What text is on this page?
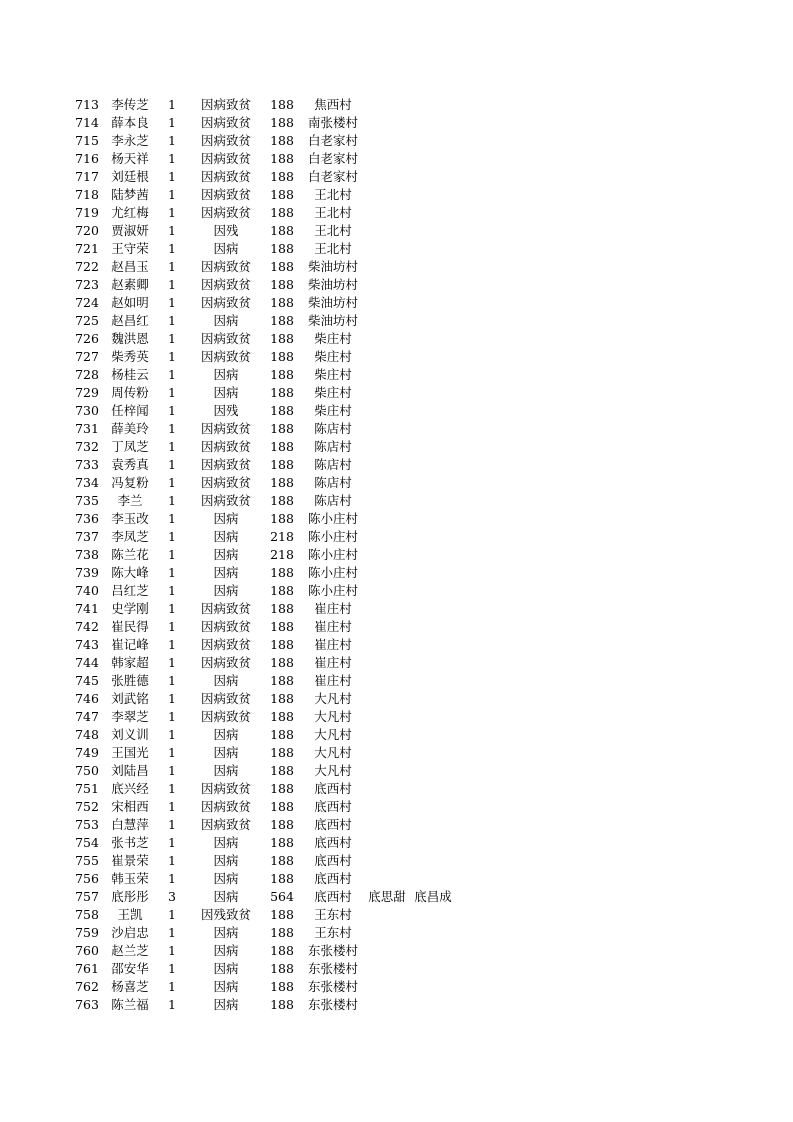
713 李传芝	1	因病致贫	188	焦西村
714 薛本良	1	因病致贫	188	南张楼村
715 李永芝	1	因病致贫	188	白老家村
716 杨天祥	1	因病致贫	188	白老家村
717 刘廷根	1	因病致贫	188	白老家村
718 陆梦茜	1	因病致贫	188	王北村
719 尤红梅	1	因病致贫	188	王北村
720 贾淑妍	1	因残	188	王北村
721 王守荣	1	因病	188	王北村
722 赵昌玉	1	因病致贫	188	柴油坊村
723 赵素卿	1	因病致贫	188	柴油坊村
724 赵如明	1	因病致贫	188	柴油坊村
725 赵昌红	1	因病	188	柴油坊村
726 魏洪恩	1	因病致贫	188	柴庄村
727 柴秀英	1	因病致贫	188	柴庄村
728 杨桂云	1	因病	188	柴庄村
729 周传粉	1	因病	188	柴庄村
730 任梓闻	1	因残	188	柴庄村
731 薛美玲	1	因病致贫	188	陈店村
732 丁凤芝	1	因病致贫	188	陈店村
733 袁秀真	1	因病致贫	188	陈店村
734 冯复粉	1	因病致贫	188	陈店村
735	李兰	1	因病致贫	188	陈店村
736 李玉改	1	因病	188	陈小庄村
737 李凤芝	1	因病	218	陈小庄村
738 陈兰花	1	因病	218	陈小庄村
739 陈大峰	1	因病	188	陈小庄村
740 吕红芝	1	因病	188	陈小庄村
741 史学刚	1	因病致贫	188	崔庄村
742 崔民得	1	因病致贫	188	崔庄村
743 崔记峰	1	因病致贫	188	崔庄村
744 韩家超	1	因病致贫	188	崔庄村
745 张胜德	1	因病	188	崔庄村
746 刘武铭	1	因病致贫	188	大凡村
747 李翠芝	1	因病致贫	188	大凡村
748 刘义训	1	因病	188	大凡村
749 王国光	1	因病	188	大凡村
750 刘陆昌	1	因病	188	大凡村
751 底兴经	1	因病致贫	188	底西村
752 宋相西	1	因病致贫	188	底西村
753 白慧萍	1	因病致贫	188	底西村
754 张书芝	1	因病	188	底西村
755 崔景荣	1	因病	188	底西村
756 韩玉荣	1	因病	188	底西村
757 底彤彤	3	因病	564	底西村	底思甜 底昌成
758	王凯	1	因残致贫	188	王东村
759 沙启忠	1	因病	188	王东村
760 赵兰芝	1	因病	188	东张楼村
761 邵安华	1	因病	188	东张楼村
762 杨喜芝	1	因病	188	东张楼村
763 陈兰福	1	因病	188	东张楼村
